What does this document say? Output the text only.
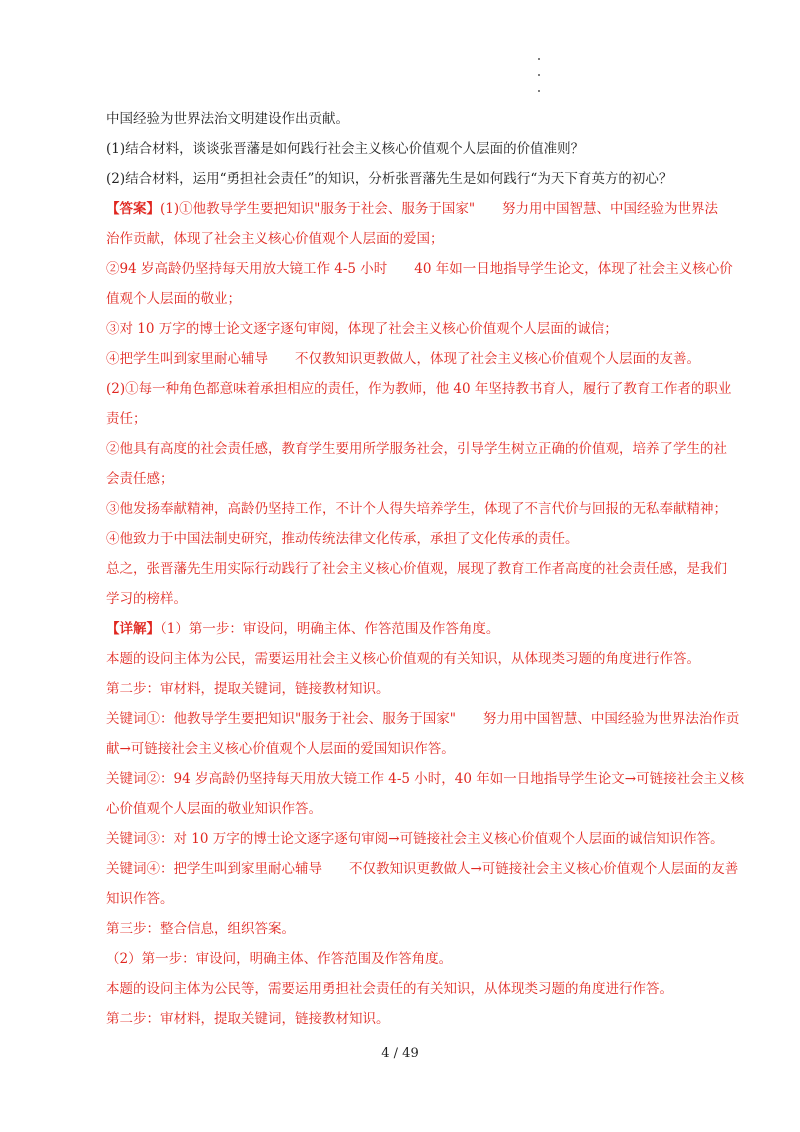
中国经验为世界法治文明建设作出贡献。

(1)结合材料，谈谈张晋藩是如何践行社会主义核心价值观个人层面的价值准则？

(2)结合材料，运用“勇担社会责任”的知识，分析张晋藩先生是如何践行“为天下育英方的初心？

【答案】(1)①他教导学生要把知识"服务于社会、服务于国家"　　努力用中国智慧、中国经验为世界法

治作贡献，体现了社会主义核心价值观个人层面的爱国；

②94 岁高龄仍坚持每天用放大镜工作 4-5 小时　　40 年如一日地指导学生论文，体现了社会主义核心价

值观个人层面的敬业；

③对 10 万字的博士论文逐字逐句审阅，体现了社会主义核心价值观个人层面的诚信；

④把学生叫到家里耐心辅导　　不仅教知识更教做人，体现了社会主义核心价值观个人层面的友善。

(2)①每一种角色都意味着承担相应的责任，作为教师，他 40 年坚持教书育人，履行了教育工作者的职业

责任；

②他具有高度的社会责任感，教育学生要用所学服务社会，引导学生树立正确的价值观，培养了学生的社

会责任感；

③他发扬奉献精神，高龄仍坚持工作，不计个人得失培养学生，体现了不言代价与回报的无私奉献精神；

④他致力于中国法制史研究，推动传统法律文化传承，承担了文化传承的责任。

总之，张晋藩先生用实际行动践行了社会主义核心价值观，展现了教育工作者高度的社会责任感，是我们

学习的榜样。

【详解】（1）第一步：审设问，明确主体、作答范围及作答角度。

本题的设问主体为公民，需要运用社会主义核心价值观的有关知识，从体现类习题的角度进行作答。

第二步：审材料，提取关键词，链接教材知识。

关键词①：他教导学生要把知识"服务于社会、服务于国家"　　努力用中国智慧、中国经验为世界法治作贡

献→可链接社会主义核心价值观个人层面的爱国知识作答。

关键词②：94 岁高龄仍坚持每天用放大镜工作 4-5 小时，40 年如一日地指导学生论文→可链接社会主义核

心价值观个人层面的敬业知识作答。

关键词③：对 10 万字的博士论文逐字逐句审阅→可链接社会主义核心价值观个人层面的诚信知识作答。

关键词④：把学生叫到家里耐心辅导　　不仅教知识更教做人→可链接社会主义核心价值观个人层面的友善

知识作答。

第三步：整合信息，组织答案。

（2）第一步：审设问，明确主体、作答范围及作答角度。

本题的设问主体为公民等，需要运用勇担社会责任的有关知识，从体现类习题的角度进行作答。

第二步：审材料，提取关键词，链接教材知识。

4 / 49
